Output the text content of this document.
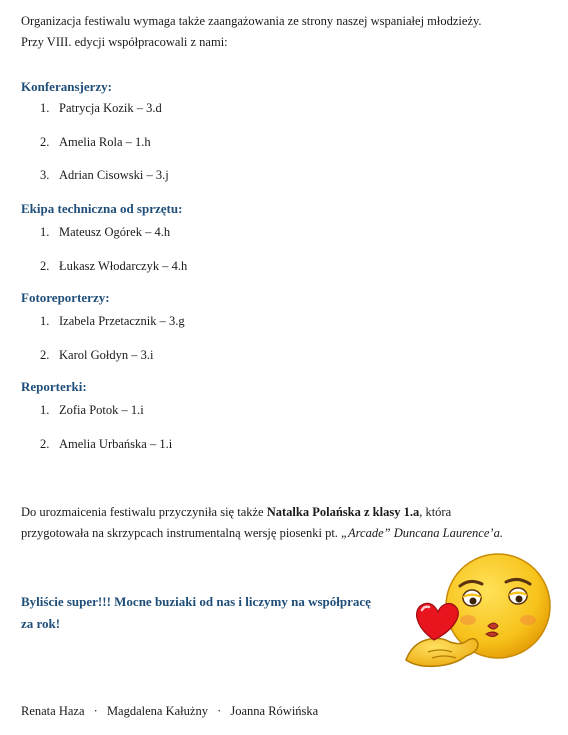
Organizacja festiwalu wymaga także zaangażowania ze strony naszej wspaniałej młodzieży.

Przy VIII. edycji współpracowali z nami:

Konferansjerzy:
1. Patrycja Kozik – 3.d
2. Amelia Rola – 1.h
3. Adrian Cisowski – 3.j
Ekipa techniczna od sprzętu:
1. Mateusz Ogórek – 4.h
2. Łukasz Włodarczyk – 4.h
Fotoreporterzy:
1. Izabela Przetacznik – 3.g
2. Karol Gołdyn – 3.i
Reporterki:
1. Zofia Potok – 1.i
2. Amelia Urbańska – 1.i

Do urozmaicenia festiwalu przyczyniła się także Natalka Polańska z klasy 1.a, która

przygotowała na skrzypcach instrumentalną wersję piosenki pt. „Arcade” Duncana Laurence’a.

Byliście super!!! Mocne buziaki od nas i liczymy na współpracę

za rok!

Renata Haza · Magdalena Kałużny · Joanna Rówińska
